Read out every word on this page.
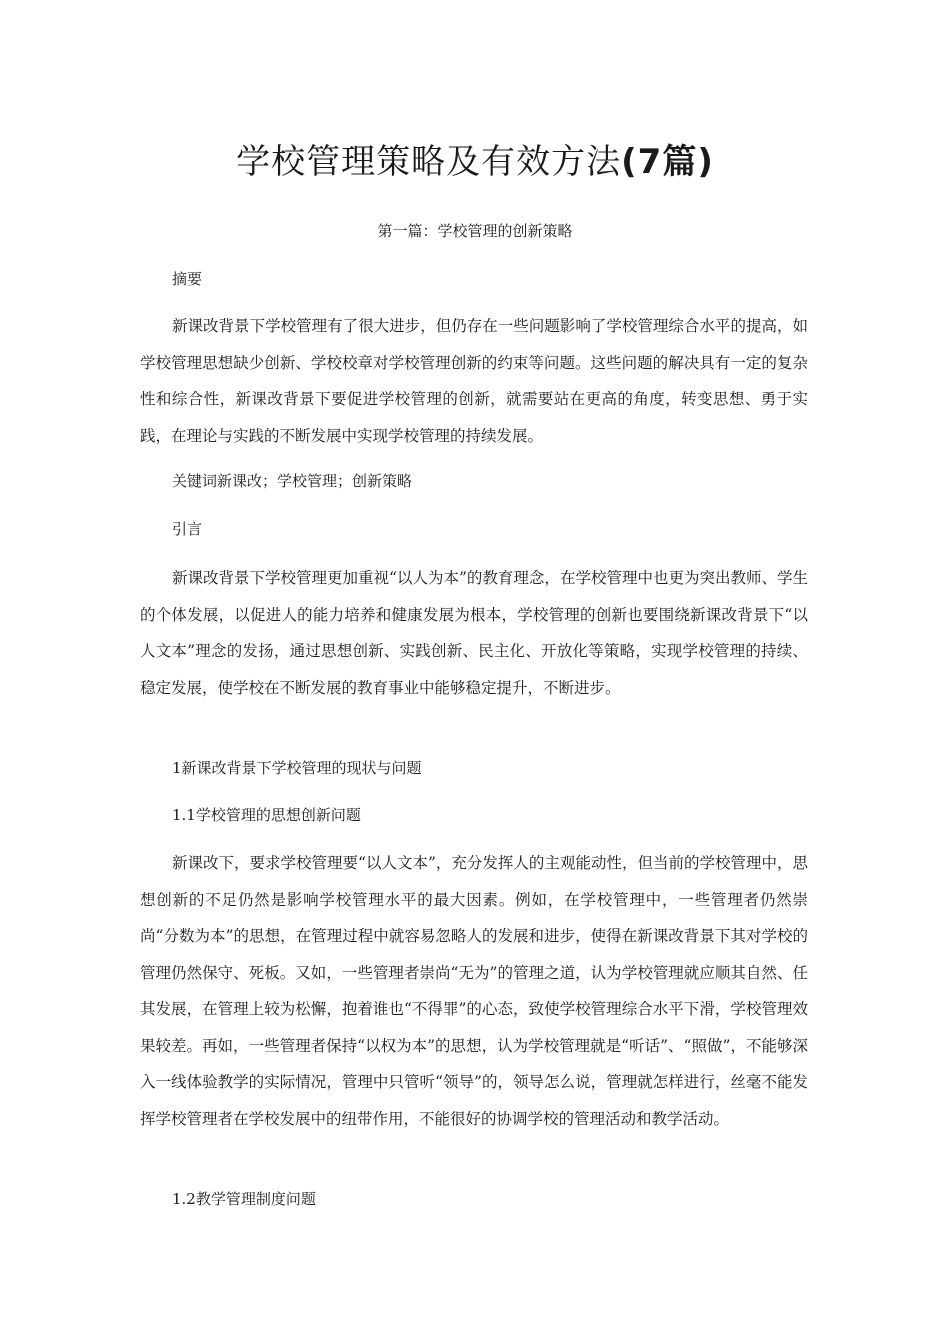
学校管理策略及有效方法(7篇)

第一篇：学校管理的创新策略

摘要

新课改背景下学校管理有了很大进步，但仍存在一些问题影响了学校管理综合水平的提高，如学校管理思想缺少创新、学校校章对学校管理创新的约束等问题。这些问题的解决具有一定的复杂性和综合性，新课改背景下要促进学校管理的创新，就需要站在更高的角度，转变思想、勇于实践，在理论与实践的不断发展中实现学校管理的持续发展。

关键词新课改；学校管理；创新策略

引言

新课改背景下学校管理更加重视“以人为本”的教育理念，在学校管理中也更为突出教师、学生的个体发展，以促进人的能力培养和健康发展为根本，学校管理的创新也要围绕新课改背景下“以人文本”理念的发扬，通过思想创新、实践创新、民主化、开放化等策略，实现学校管理的持续、稳定发展，使学校在不断发展的教育事业中能够稳定提升，不断进步。

1新课改背景下学校管理的现状与问题

1.1学校管理的思想创新问题

新课改下，要求学校管理要“以人文本”，充分发挥人的主观能动性，但当前的学校管理中，思想创新的不足仍然是影响学校管理水平的最大因素。例如，在学校管理中，一些管理者仍然崇尚“分数为本”的思想，在管理过程中就容易忽略人的发展和进步，使得在新课改背景下其对学校的管理仍然保守、死板。又如，一些管理者崇尚“无为”的管理之道，认为学校管理就应顺其自然、任其发展，在管理上较为松懈，抱着谁也“不得罪”的心态，致使学校管理综合水平下滑，学校管理效果较差。再如，一些管理者保持“以权为本”的思想，认为学校管理就是“听话”、“照做”，不能够深入一线体验教学的实际情况，管理中只管听“领导”的，领导怎么说，管理就怎样进行，丝毫不能发挥学校管理者在学校发展中的纽带作用，不能很好的协调学校的管理活动和教学活动。

1.2教学管理制度问题
